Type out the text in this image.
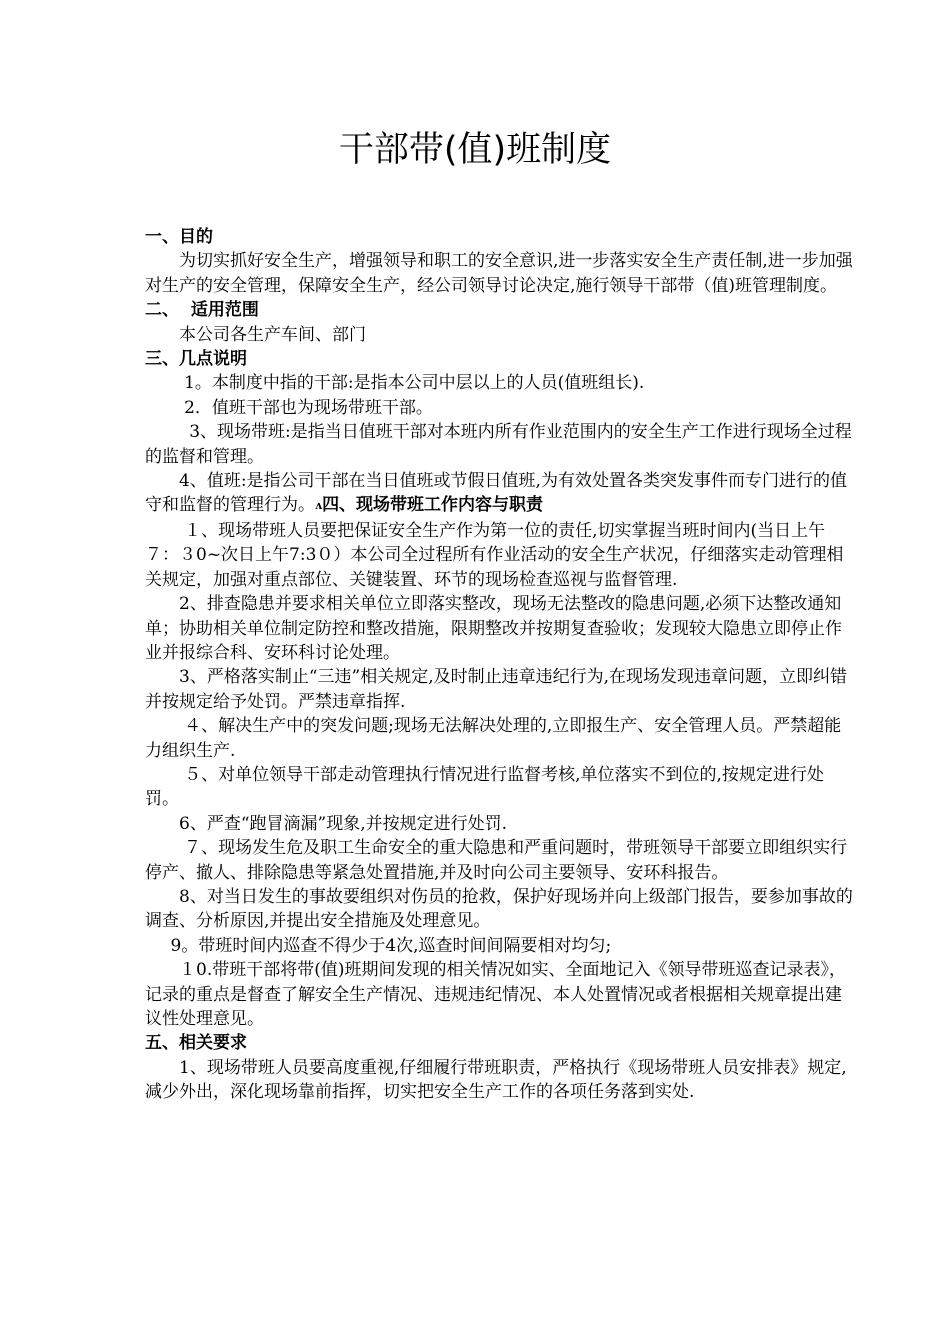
干部带(值)班制度

一、目的

为切实抓好安全生产，增强领导和职工的安全意识,进一步落实安全生产责任制,进一步加强对生产的安全管理，保障安全生产，经公司领导讨论决定,施行领导干部带（值)班管理制度。

二、  适用范围

本公司各生产车间、部门

三、几点说明

1。本制度中指的干部:是指本公司中层以上的人员(值班组长).

2．值班干部也为现场带班干部。

3、现场带班:是指当日值班干部对本班内所有作业范围内的安全生产工作进行现场全过程的监督和管理。

4、值班:是指公司干部在当日值班或节假日值班,为有效处置各类突发事件而专门进行的值守和监督的管理行为。ᴧ四、现场带班工作内容与职责

１、现场带班人员要把保证安全生产作为第一位的责任,切实掌握当班时间内(当日上午７：３0~次日上午7:3０）本公司全过程所有作业活动的安全生产状况，仔细落实走动管理相关规定，加强对重点部位、关键装置、环节的现场检查巡视与监督管理.

2、排查隐患并要求相关单位立即落实整改，现场无法整改的隐患问题,必须下达整改通知单；协助相关单位制定防控和整改措施，限期整改并按期复查验收；发现较大隐患立即停止作业并报综合科、安环科讨论处理。

3、严格落实制止“三违”相关规定,及时制止违章违纪行为,在现场发现违章问题，立即纠错并按规定给予处罚。严禁违章指挥.

４、解决生产中的突发问题;现场无法解决处理的,立即报生产、安全管理人员。严禁超能力组织生产.

５、对单位领导干部走动管理执行情况进行监督考核,单位落实不到位的,按规定进行处罚。

6、严查“跑冒滴漏”现象,并按规定进行处罚.

７、现场发生危及职工生命安全的重大隐患和严重问题时，带班领导干部要立即组织实行停产、撤人、排除隐患等紧急处置措施,并及时向公司主要领导、安环科报告。

8、对当日发生的事故要组织对伤员的抢救，保护好现场并向上级部门报告，要参加事故的调查、分析原因,并提出安全措施及处理意见。

9。带班时间内巡查不得少于4次,巡查时间间隔要相对均匀;

１0.带班干部将带(值)班期间发现的相关情况如实、全面地记入《领导带班巡查记录表》，记录的重点是督查了解安全生产情况、违规违纪情况、本人处置情况或者根据相关规章提出建议性处理意见。

五、相关要求

1、现场带班人员要高度重视,仔细履行带班职责，严格执行《现场带班人员安排表》规定,减少外出，深化现场靠前指挥，切实把安全生产工作的各项任务落到实处.
